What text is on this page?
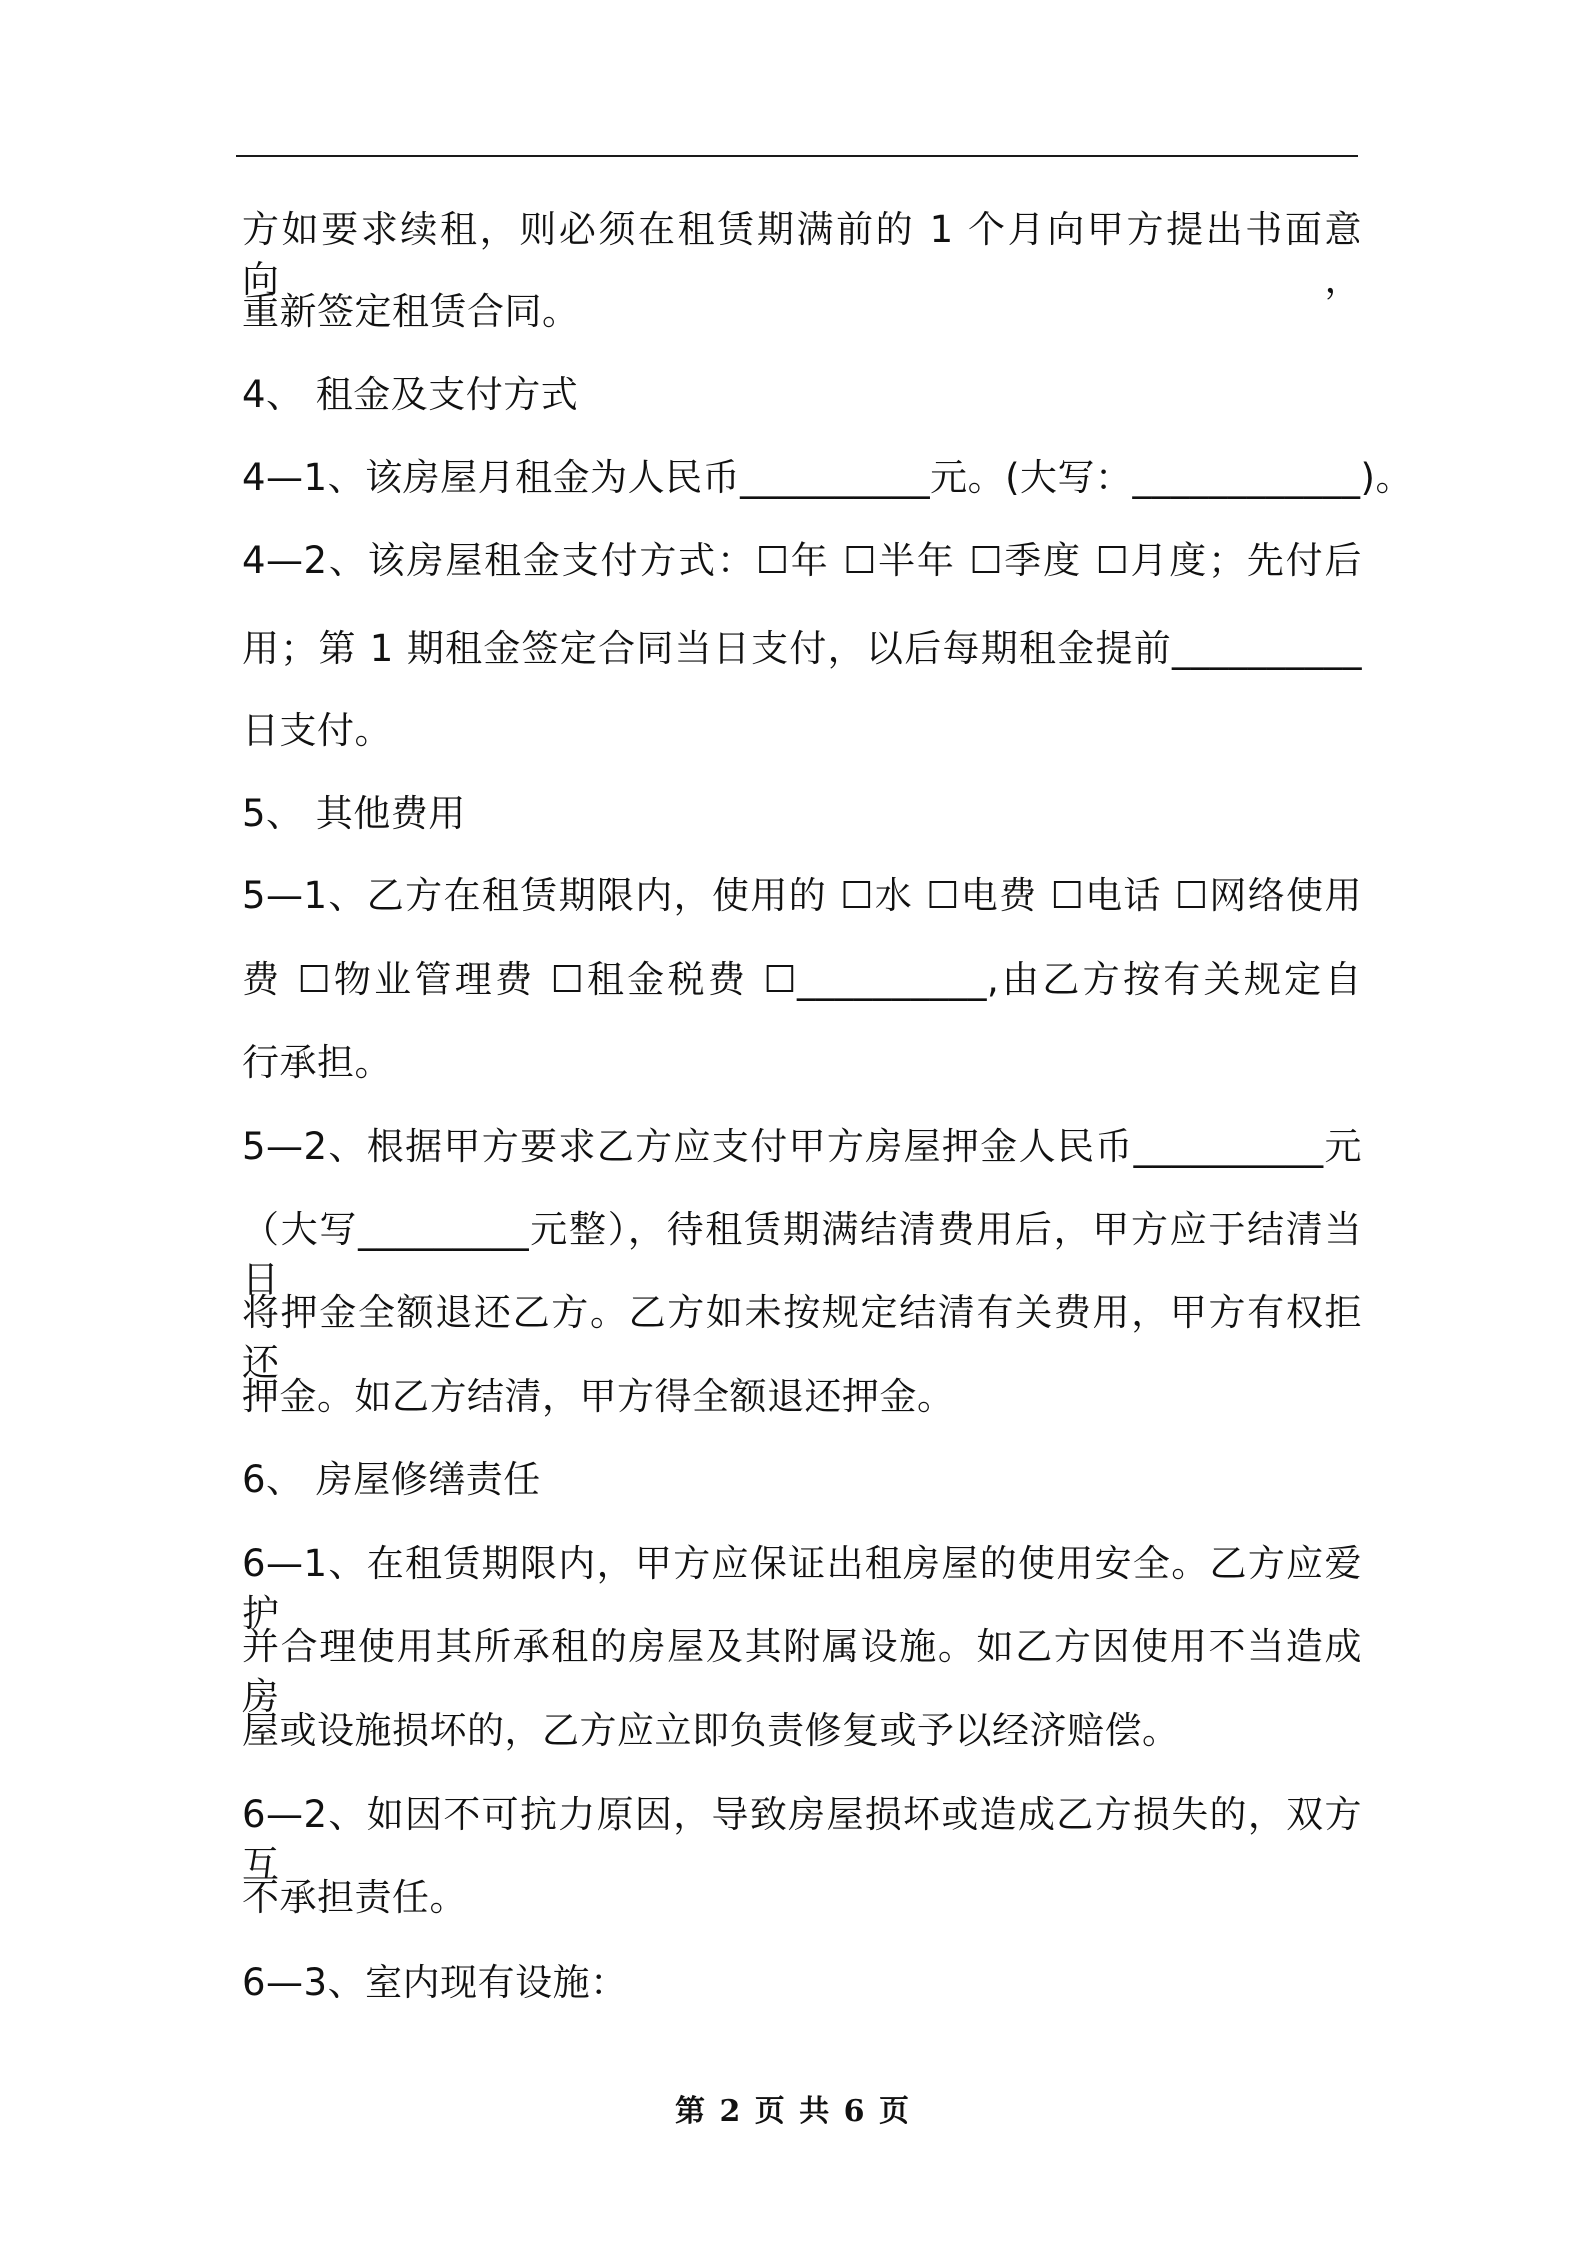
方如要求续租，则必须在租赁期满前的 1 个月向甲方提出书面意向，
重新签定租赁合同。
4、 租金及支付方式
4—1、该房屋月租金为人民币__________元。(大写：____________)。
4—2、该房屋租金支付方式：☐年 ☐半年 ☐季度 ☐月度；先付后
用；第 1 期租金签定合同当日支付，以后每期租金提前__________
日支付。
5、 其他费用
5—1、乙方在租赁期限内，使用的 ☐水 ☐电费 ☐电话 ☐网络使用
费 ☐物业管理费 ☐租金税费 ☐__________,由乙方按有关规定自
行承担。
5—2、根据甲方要求乙方应支付甲方房屋押金人民币__________元
（大写_________元整），待租赁期满结清费用后，甲方应于结清当日
将押金全额退还乙方。乙方如未按规定结清有关费用，甲方有权拒还
押金。如乙方结清，甲方得全额退还押金。
6、 房屋修缮责任
6—1、在租赁期限内，甲方应保证出租房屋的使用安全。乙方应爱护
并合理使用其所承租的房屋及其附属设施。如乙方因使用不当造成房
屋或设施损坏的，乙方应立即负责修复或予以经济赔偿。
6—2、如因不可抗力原因，导致房屋损坏或造成乙方损失的，双方互
不承担责任。
6—3、室内现有设施：
第 2 页 共 6 页
